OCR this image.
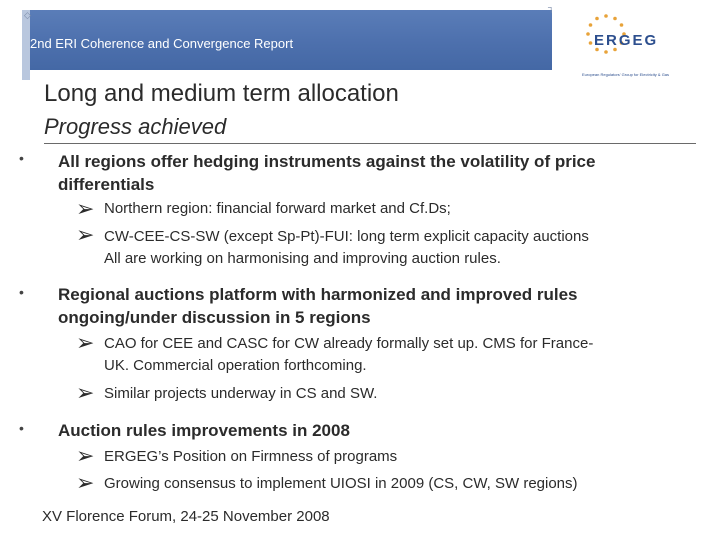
◇
┐
2nd ERI Coherence and Convergence Report	ERGEG
European Regulators' Group for Electricity & Gas
Long and medium term allocation
Progress achieved
• All regions offer hedging instruments against the volatility of price
differentials
➢ Northern region: financial forward market and Cf.Ds;
➢ CW-CEE-CS-SW (except Sp-Pt)-FUI: long term explicit capacity auctions
All are working on harmonising and improving auction rules.
• Regional auctions platform with harmonized and improved rules
ongoing/under discussion in 5 regions
➢ CAO for CEE and CASC for CW already formally set up. CMS for France-
UK. Commercial operation forthcoming.
➢ Similar projects underway in CS and SW.
• Auction rules improvements in 2008
➢ ERGEG’s Position on Firmness of programs
➢ Growing consensus to implement UIOSI in 2009 (CS, CW, SW regions)
XV Florence Forum, 24-25 November 2008
